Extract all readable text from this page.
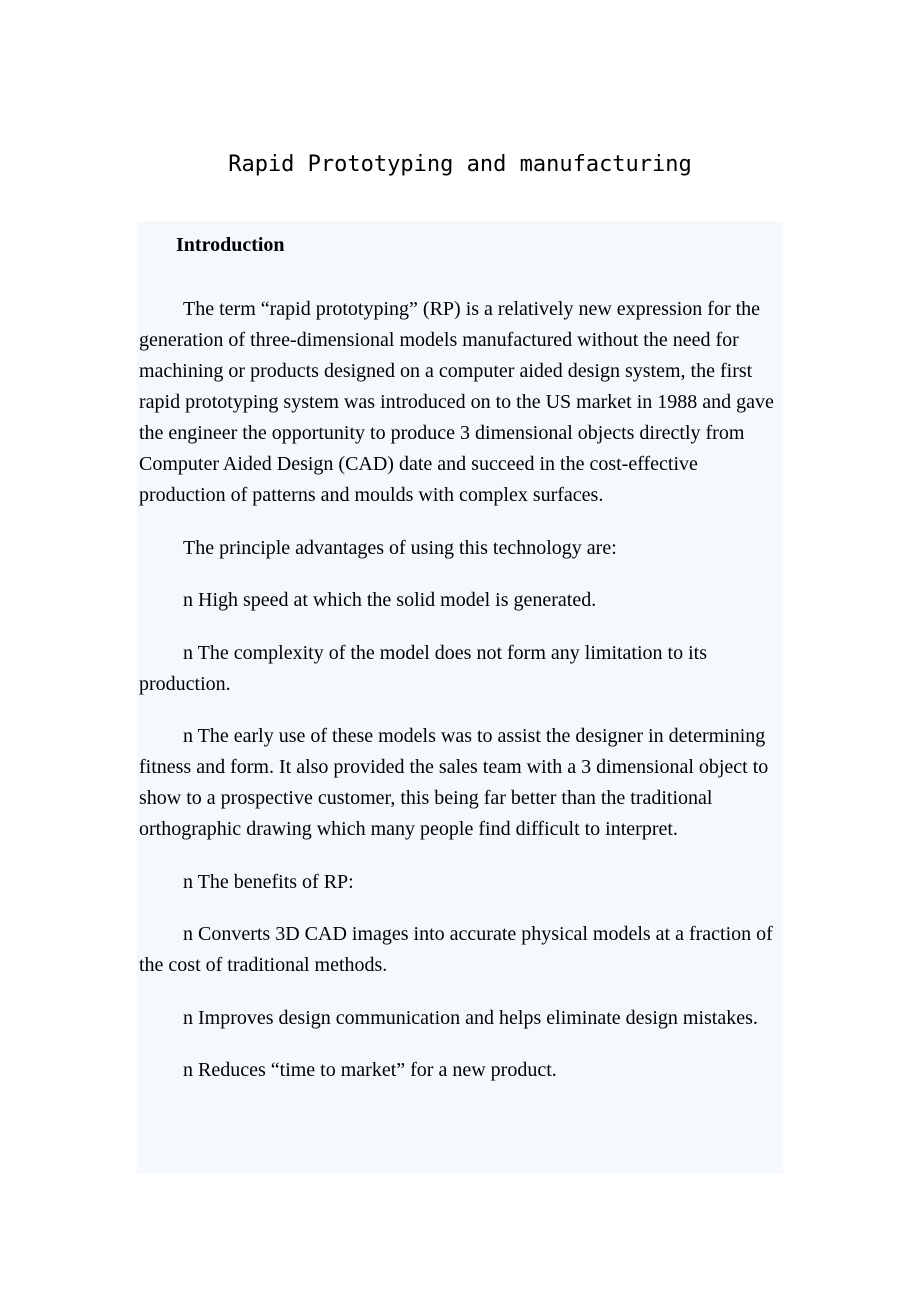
Rapid Prototyping and manufacturing
Introduction

The term “rapid prototyping” (RP) is a relatively new expression for the generation of three-dimensional models manufactured without the need for machining or products designed on a computer aided design system, the first rapid prototyping system was introduced on to the US market in 1988 and gave the engineer the opportunity to produce 3 dimensional objects directly from Computer Aided Design (CAD) date and succeed in the cost-effective production of patterns and moulds with complex surfaces.

The principle advantages of using this technology are:

n High speed at which the solid model is generated.

n The complexity of the model does not form any limitation to its production.

n The early use of these models was to assist the designer in determining fitness and form. It also provided the sales team with a 3 dimensional object to show to a prospective customer, this being far better than the traditional orthographic drawing which many people find difficult to interpret.

n The benefits of RP:

n Converts 3D CAD images into accurate physical models at a fraction of the cost of traditional methods.

n Improves design communication and helps eliminate design mistakes.

n Reduces “time to market” for a new product.
